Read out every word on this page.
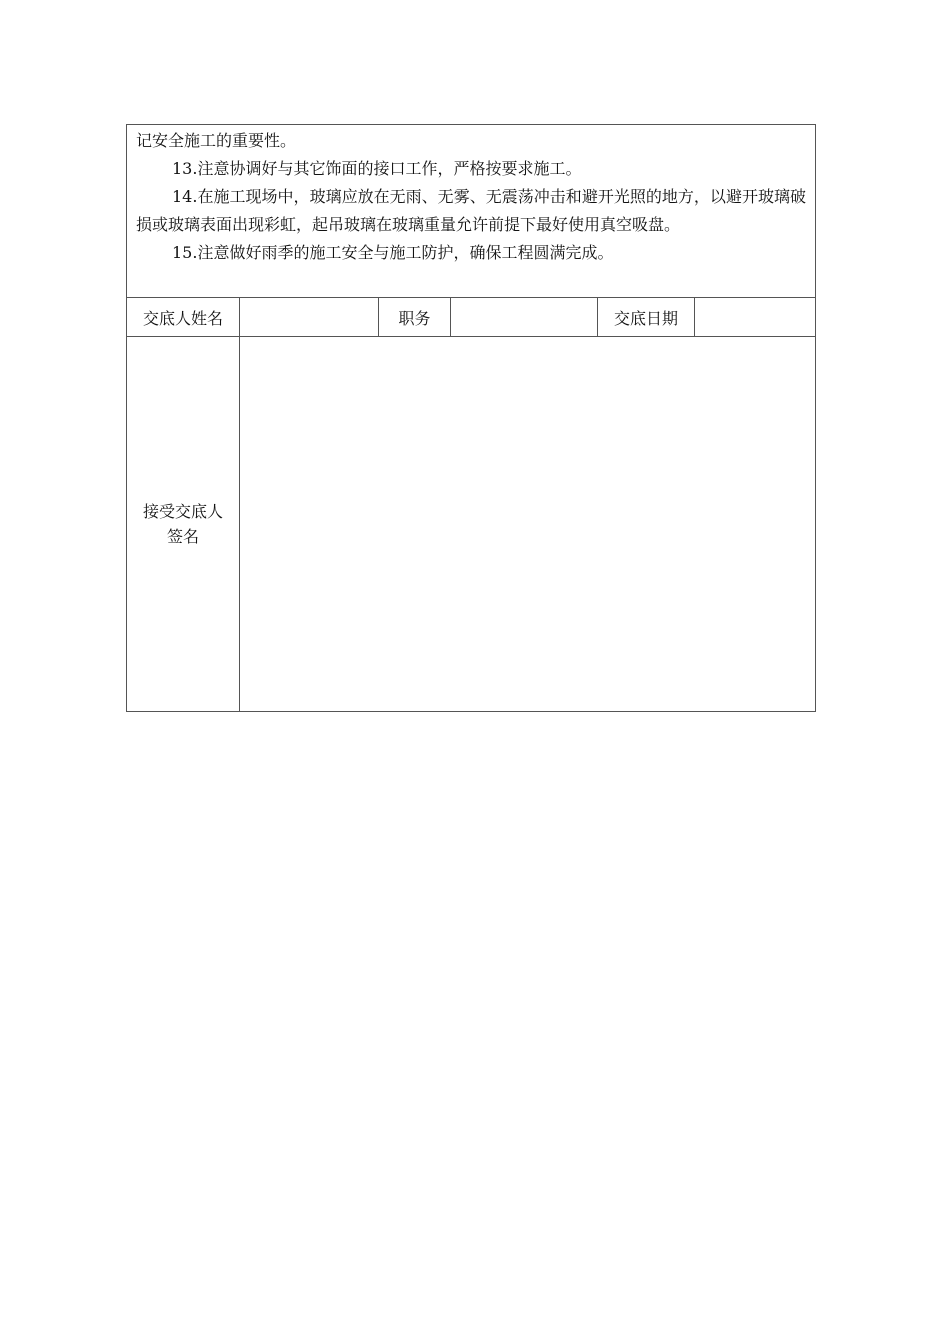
记安全施工的重要性。

13.注意协调好与其它饰面的接口工作，严格按要求施工。

14.在施工现场中，玻璃应放在无雨、无雾、无震荡冲击和避开光照的地方，以避开玻璃破损或玻璃表面出现彩虹，起吊玻璃在玻璃重量允许前提下最好使用真空吸盘。

15.注意做好雨季的施工安全与施工防护，确保工程圆满完成。					

交底人姓名		职务		交底日期	

接受交底人
签名					
